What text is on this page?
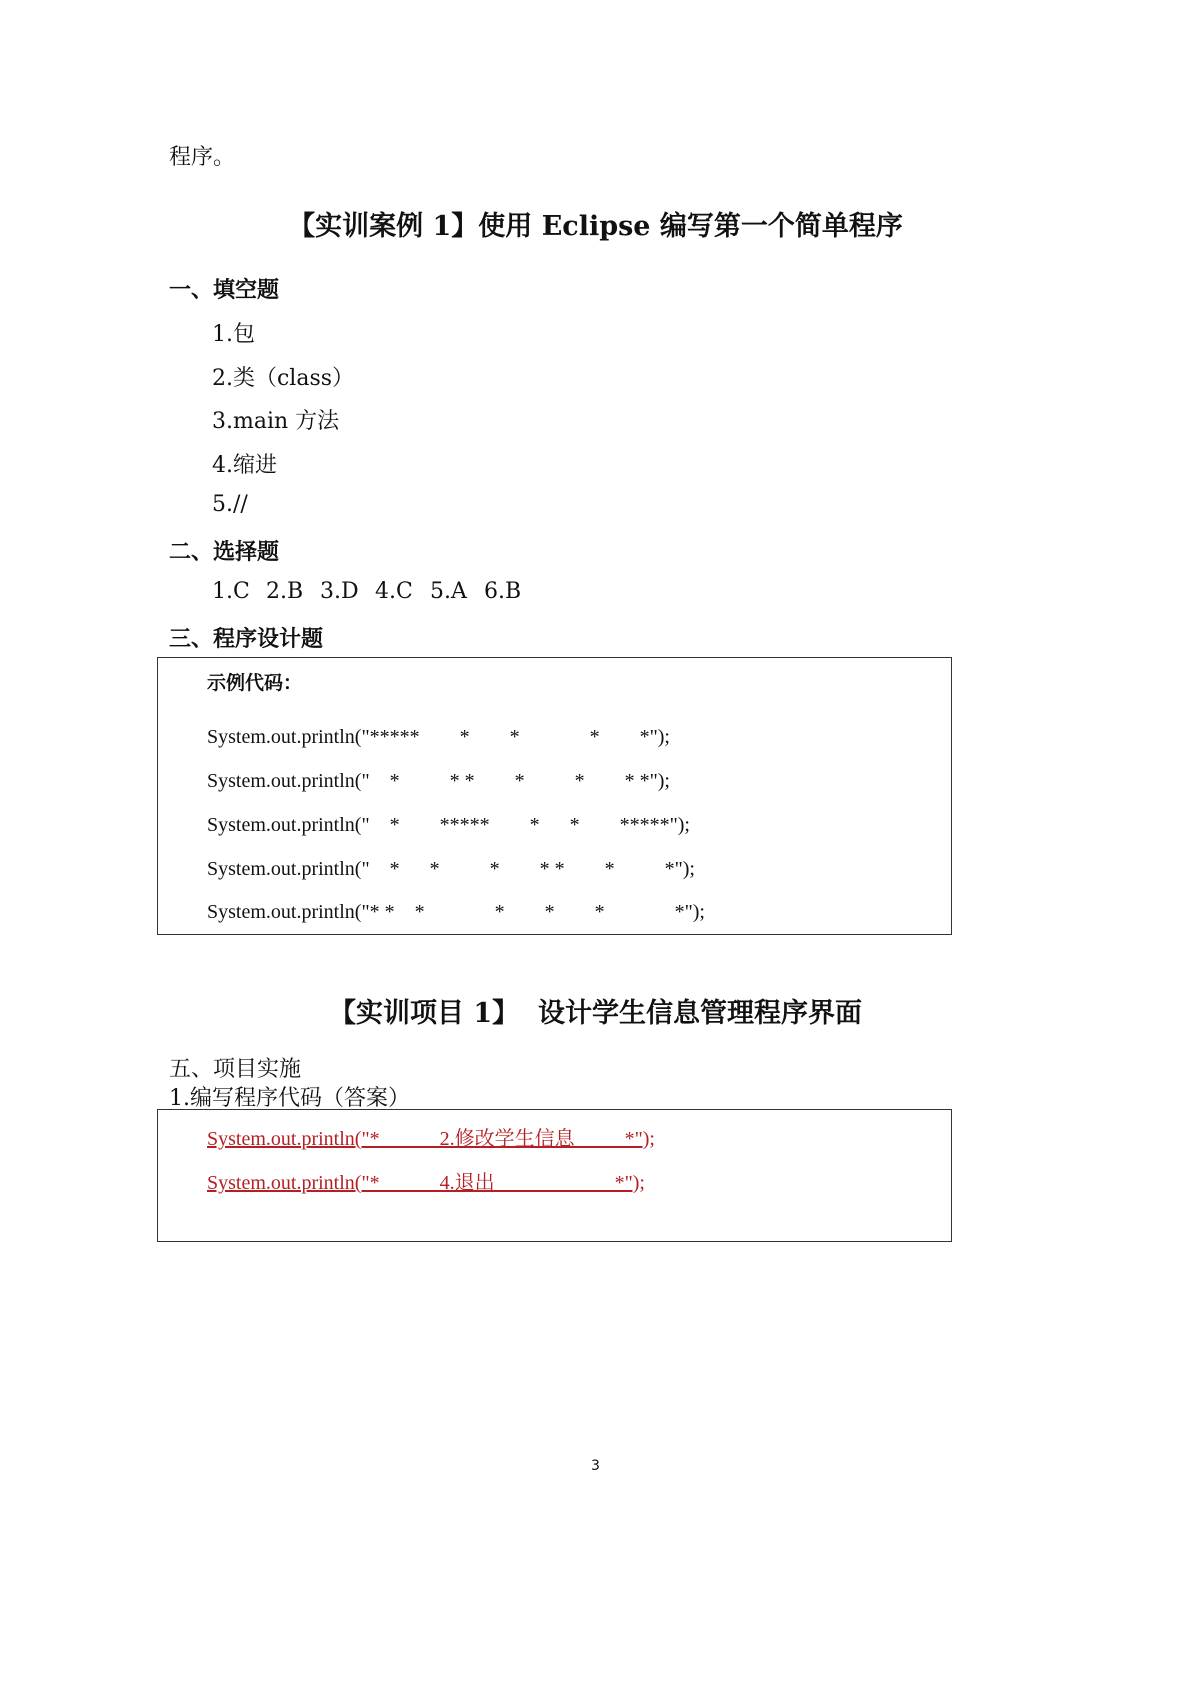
程序。
【实训案例 1】使用 Eclipse 编写第一个简单程序
一、填空题
1.包
2.类（class）
3.main 方法
4.缩进
5.//
二、选择题
1.C 2.B 3.D 4.C 5.A 6.B
三、程序设计题
示例代码：
System.out.println("*****        *        *              *        *");
System.out.println("    *          * *        *          *        * *");
System.out.println("    *        *****        *      *        *****");
System.out.println("    *      *          *        * *        *          *");
System.out.println("* *    *              *        *        *              *");
【实训项目 1】  设计学生信息管理程序界面
五、项目实施
1.编写程序代码（答案）
System.out.println("*            2.修改学生信息          *");
System.out.println("*            4.退出                        *");
3
